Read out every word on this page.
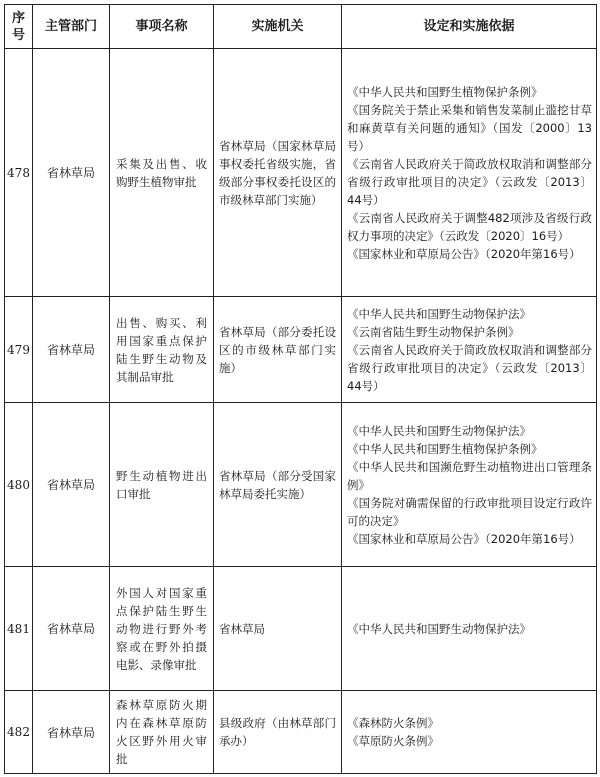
序号	主管部门	事项名称	实施机关	设定和实施依据
478	省林草局	采集及出售、收购野生植物审批	省林草局（国家林草局事权委托省级实施，省级部分事权委托设区的市级林草部门实施）	《中华人民共和国野生植物保护条例》
《国务院关于禁止采集和销售发菜制止滥挖甘草和麻黄草有关问题的通知》（国发〔2000〕13号）
《云南省人民政府关于简政放权取消和调整部分省级行政审批项目的决定》（云政发〔2013〕44号）
《云南省人民政府关于调整482项涉及省级行政权力事项的决定》（云政发〔2020〕16号）
《国家林业和草原局公告》（2020年第16号）

479	省林草局	出售、购买、利用国家重点保护陆生野生动物及其制品审批	省林草局（部分委托设区的市级林草部门实施）	《中华人民共和国野生动物保护法》
《云南省陆生野生动物保护条例》
《云南省人民政府关于简政放权取消和调整部分省级行政审批项目的决定》（云政发〔2013〕44号）

480	省林草局	野生动植物进出口审批	省林草局（部分受国家林草局委托实施）	《中华人民共和国野生动物保护法》
《中华人民共和国野生植物保护条例》
《中华人民共和国濒危野生动植物进出口管理条例》
《国务院对确需保留的行政审批项目设定行政许可的决定》
《国家林业和草原局公告》（2020年第16号）

481	省林草局	外国人对国家重点保护陆生野生动物进行野外考察或在野外拍摄电影、录像审批	省林草局	《中华人民共和国野生动物保护法》

482	省林草局	森林草原防火期内在森林草原防火区野外用火审批	县级政府（由林草部门承办）	《森林防火条例》
《草原防火条例》
